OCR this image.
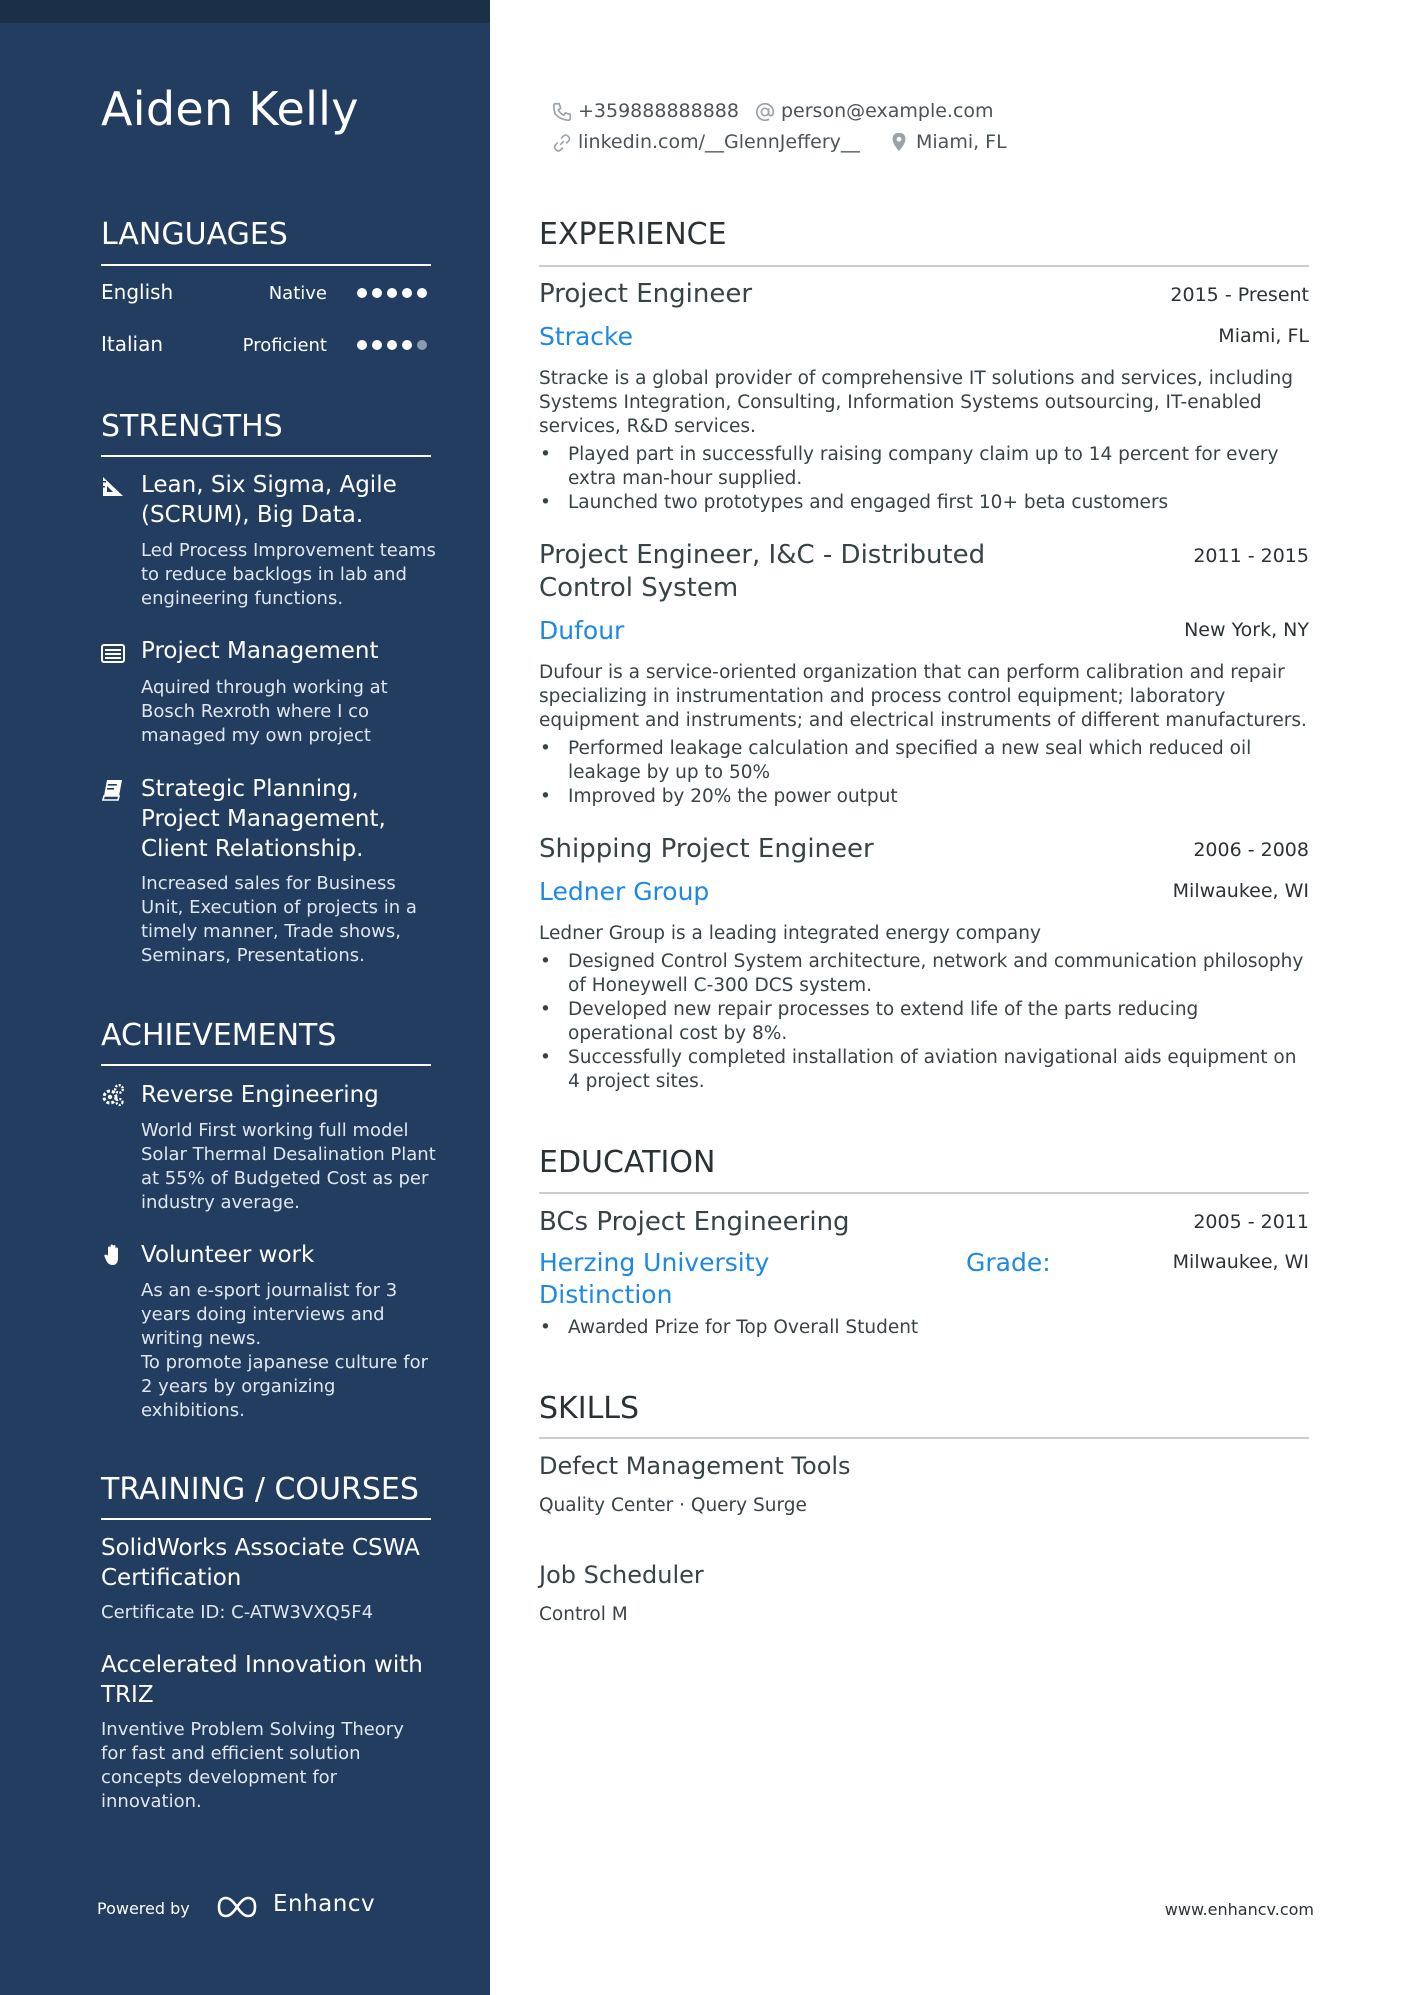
Aiden Kelly
LANGUAGES
English	Native
Italian	Proficient
STRENGTHS
Lean, Six Sigma, Agile (SCRUM), Big Data.
Led Process Improvement teams to reduce backlogs in lab and engineering functions.
Project Management
Aquired through working at Bosch Rexroth where I co managed my own project
Strategic Planning, Project Management, Client Relationship.
Increased sales for Business Unit, Execution of projects in a timely manner, Trade shows, Seminars, Presentations.
ACHIEVEMENTS
Reverse Engineering
World First working full model Solar Thermal Desalination Plant at 55% of Budgeted Cost as per industry average.
Volunteer work
As an e-sport journalist for 3 years doing interviews and writing news.
To promote japanese culture for 2 years by organizing exhibitions.
TRAINING / COURSES
SolidWorks Associate CSWA Certification
Certificate ID: C-ATW3VXQ5F4
Accelerated Innovation with TRIZ
Inventive Problem Solving Theory for fast and efficient solution concepts development for innovation.
Powered by	Enhancv
+359888888888 person@example.com
linkedin.com/__GlennJeffery__	Miami, FL
EXPERIENCE
Project Engineer	2015 - Present
Stracke	Miami, FL
Stracke is a global provider of comprehensive IT solutions and services, including Systems Integration, Consulting, Information Systems outsourcing, IT-enabled services, R&D services.
• Played part in successfully raising company claim up to 14 percent for every extra man-hour supplied.
• Launched two prototypes and engaged first 10+ beta customers
Project Engineer, I&C - Distributed Control System
2011 - 2015
Dufour	New York, NY
Dufour is a service-oriented organization that can perform calibration and repair specializing in instrumentation and process control equipment; laboratory equipment and instruments; and electrical instruments of different manufacturers.
• Performed leakage calculation and specified a new seal which reduced oil leakage by up to 50%
• Improved by 20% the power output
Shipping Project Engineer	2006 - 2008
Ledner Group	Milwaukee, WI
Ledner Group is a leading integrated energy company
• Designed Control System architecture, network and communication philosophy of Honeywell C-300 DCS system.
• Developed new repair processes to extend life of the parts reducing operational cost by 8%.
• Successfully completed installation of aviation navigational aids equipment on 4 project sites.
EDUCATION
BCs Project Engineering	2005 - 2011
Herzing University	Grade:	Milwaukee, WI
Distinction
• Awarded Prize for Top Overall Student
SKILLS
Defect Management Tools
Quality Center · Query Surge
Job Scheduler
Control M
www.enhancv.com
